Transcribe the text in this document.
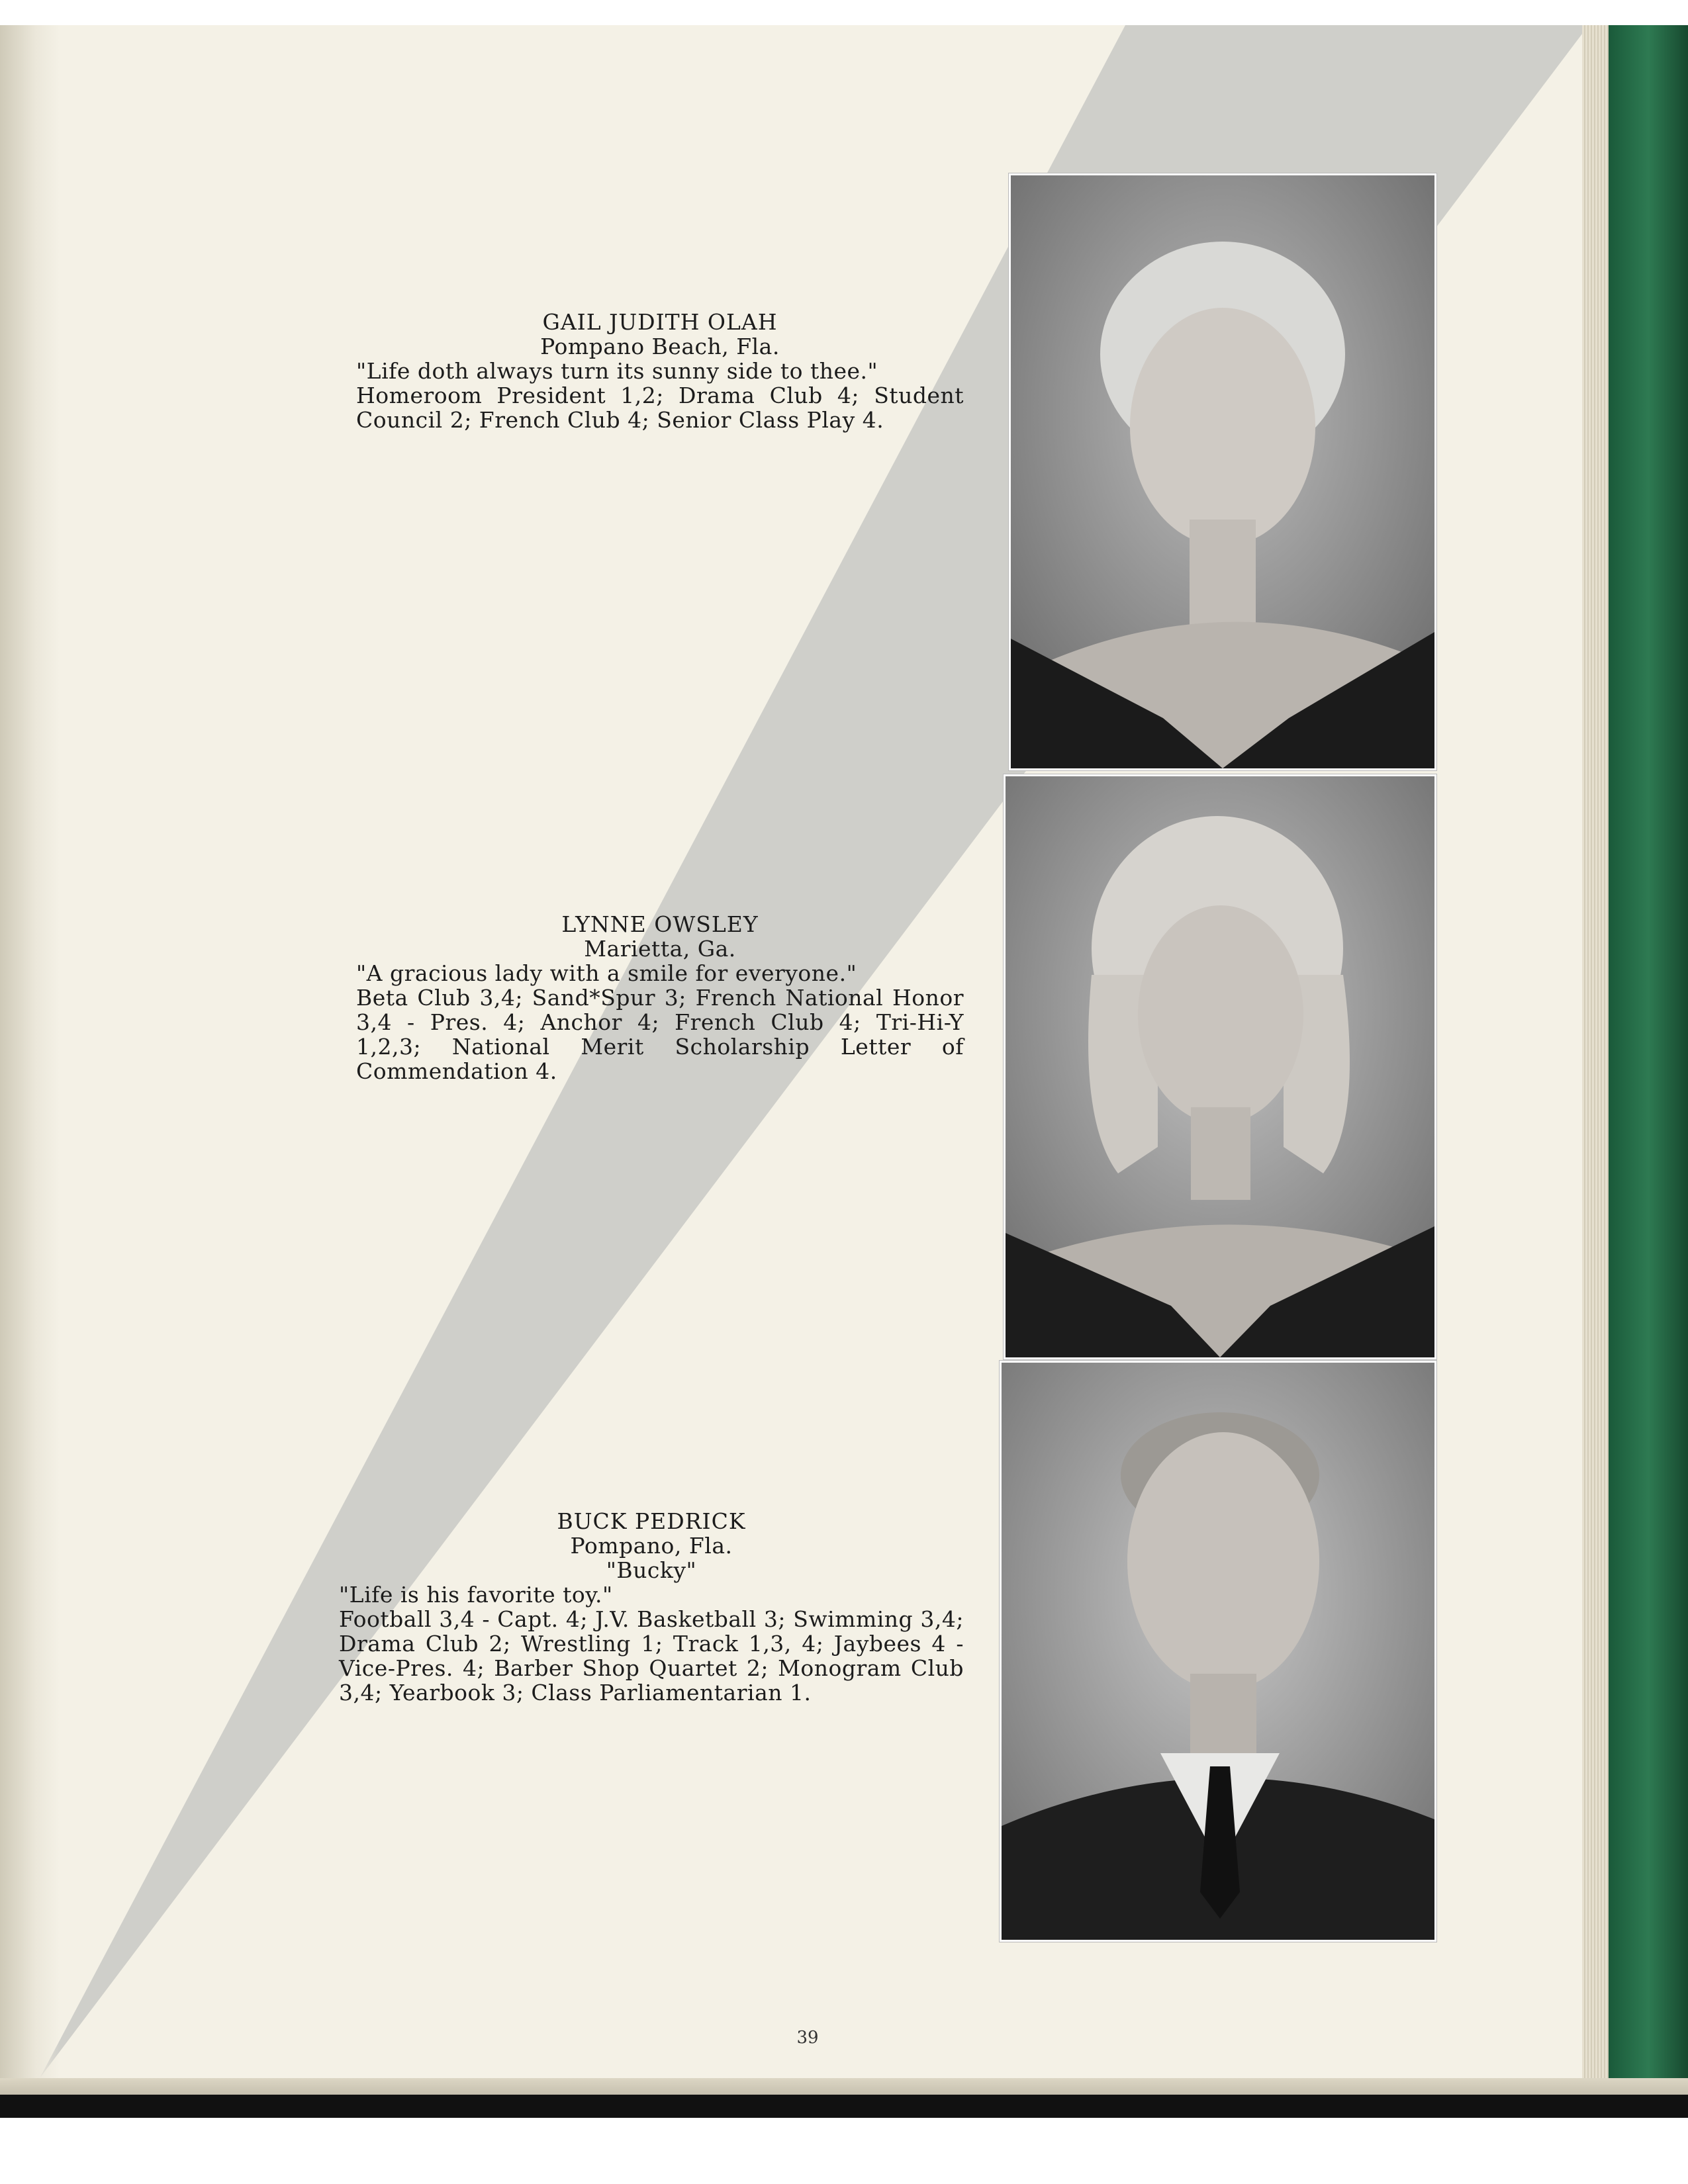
GAIL JUDITH OLAH
Pompano Beach, Fla.
"Life doth always turn its sunny side to thee."
Homeroom President 1,2; Drama Club 4; Student Council 2; French Club 4; Senior Class Play 4.
LYNNE OWSLEY
Marietta, Ga.
"A gracious lady with a smile for everyone."
Beta Club 3,4; Sand*Spur 3; French National Honor 3,4 - Pres. 4; Anchor 4; French Club 4; Tri-Hi-Y 1,2,3; National Merit Scholarship Letter of Commendation 4.
BUCK PEDRICK
Pompano, Fla.
"Bucky"
"Life is his favorite toy."
Football 3,4 - Capt. 4; J.V. Basketball 3; Swimming 3,4; Drama Club 2; Wrestling 1; Track 1,3, 4; Jaybees 4 - Vice-Pres. 4; Barber Shop Quartet 2; Monogram Club 3,4; Yearbook 3; Class Parliamentarian 1.
39
